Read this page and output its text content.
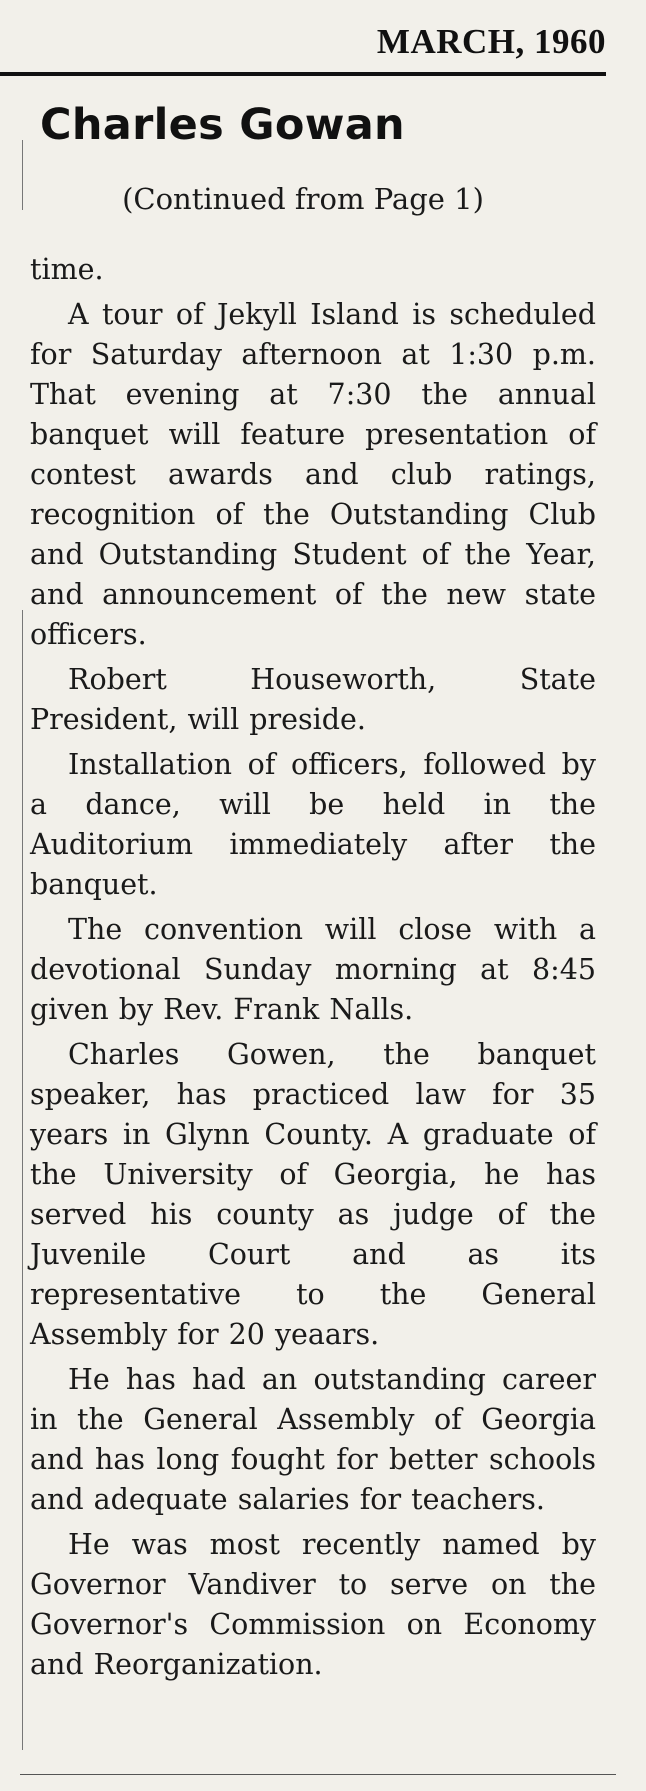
MARCH, 1960
Charles Gowan
(Continued from Page 1)

time.

A tour of Jekyll Island is scheduled for Saturday afternoon at 1:30 p.m. That evening at 7:30 the annual banquet will feature presentation of contest awards and club ratings, recognition of the Outstanding Club and Outstanding Student of the Year, and announcement of the new state officers.

Robert Houseworth, State President, will preside.

Installation of officers, followed by a dance, will be held in the Auditorium immediately after the banquet.

The convention will close with a devotional Sunday morning at 8:45 given by Rev. Frank Nalls.

Charles Gowen, the banquet speaker, has practiced law for 35 years in Glynn County. A graduate of the University of Georgia, he has served his county as judge of the Juvenile Court and as its representative to the General Assembly for 20 yeaars.

He has had an outstanding career in the General Assembly of Georgia and has long fought for better schools and adequate salaries for teachers.

He was most recently named by Governor Vandiver to serve on the Governor's Commission on Economy and Reorganization.
